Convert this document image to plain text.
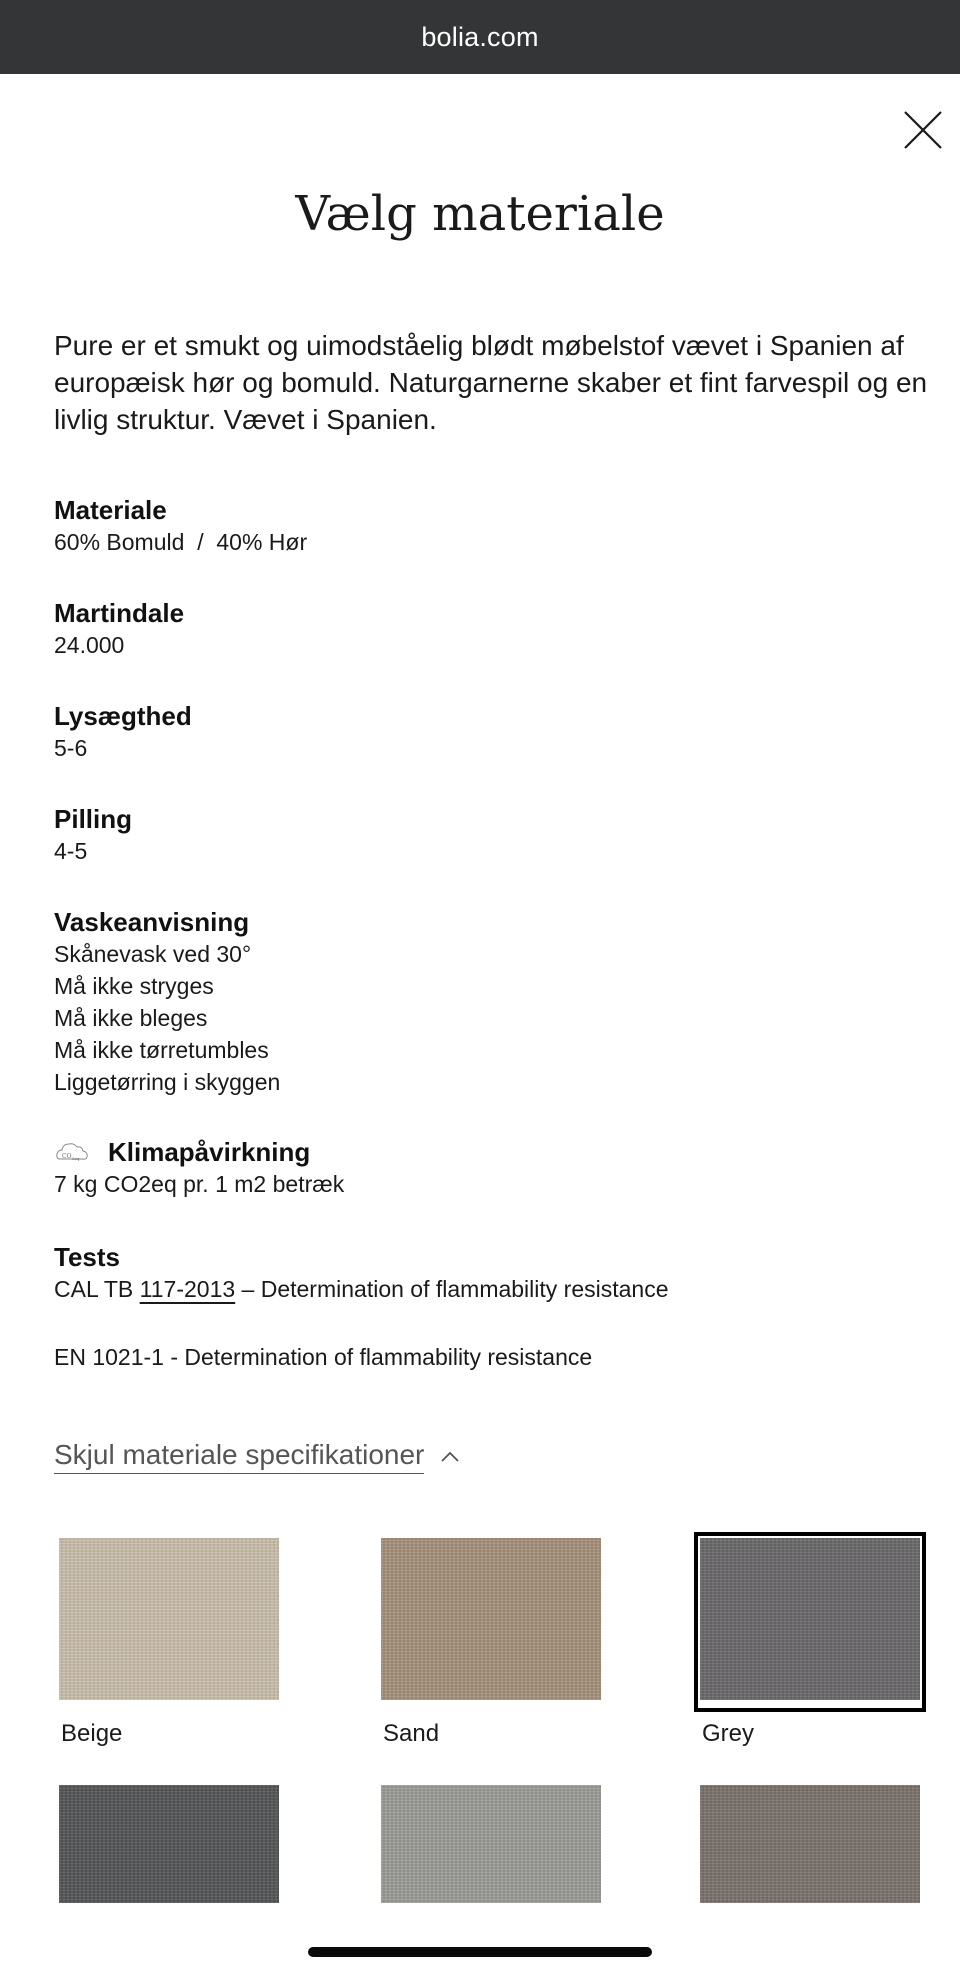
bolia.com
Vælg materiale

Pure er et smukt og uimodståelig blødt møbelstof vævet i Spanien af europæisk hør og bomuld. Naturgarnerne skaber et fint farvespil og en livlig struktur. Vævet i Spanien.

Materiale
60% Bomuld  /  40% Hør
Martindale
24.000
Lysægthed
5-6
Pilling
4-5
Vaskeanvisning
Skånevask ved 30°
Må ikke stryges
Må ikke bleges
Må ikke tørretumbles
Liggetørring i skyggen
CO 2eq Klimapåvirkning
7 kg CO2eq pr. 1 m2 betræk
Tests
CAL TB 117-2013 – Determination of flammability resistance
EN 1021-1 - Determination of flammability resistance
Skjul materiale specifikationer
Beige	Sand	Grey
